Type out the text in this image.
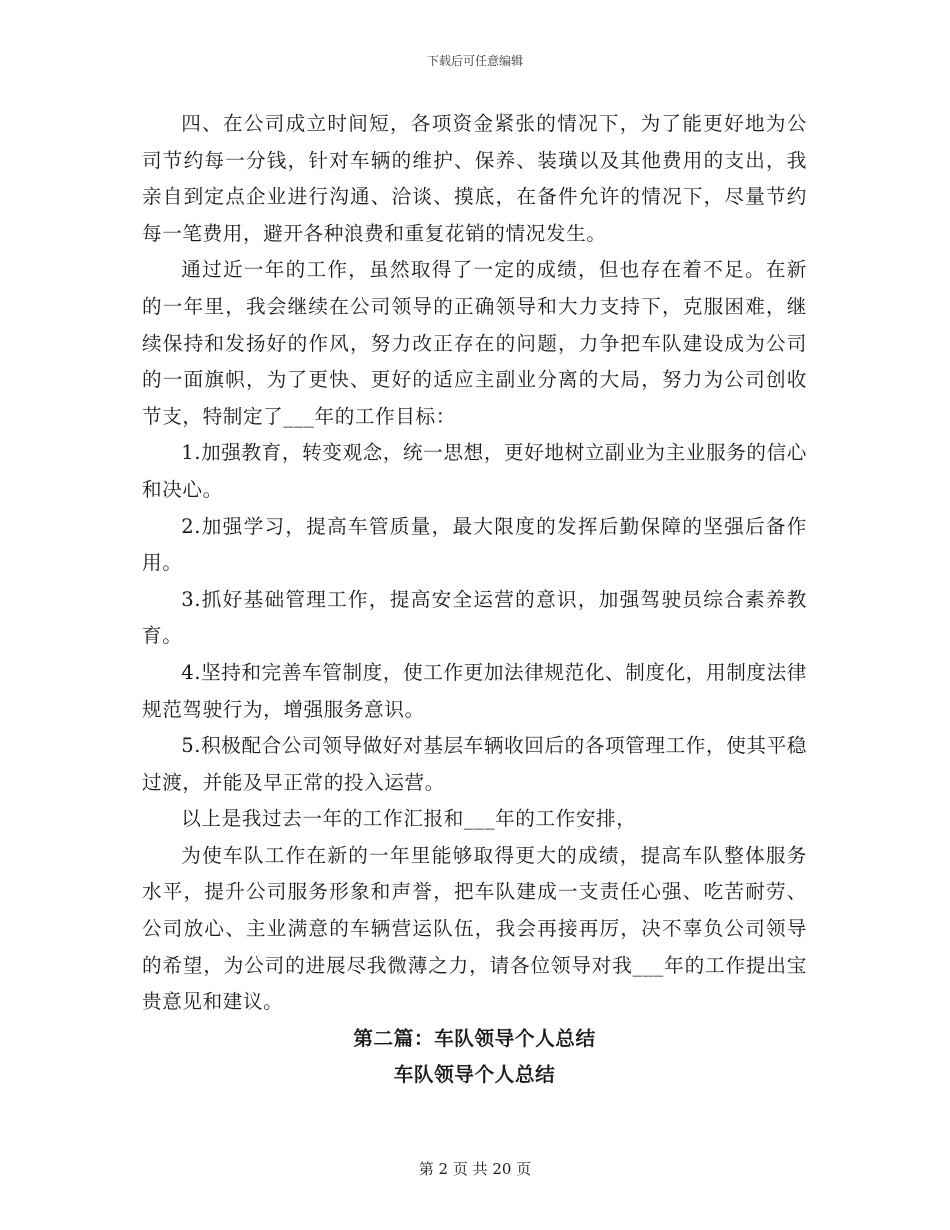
下载后可任意编辑

四、在公司成立时间短，各项资金紧张的情况下，为了能更好地为公司节约每一分钱，针对车辆的维护、保养、装璜以及其他费用的支出，我亲自到定点企业进行沟通、洽谈、摸底，在备件允许的情况下，尽量节约每一笔费用，避开各种浪费和重复花销的情况发生。

通过近一年的工作，虽然取得了一定的成绩，但也存在着不足。在新的一年里，我会继续在公司领导的正确领导和大力支持下，克服困难，继续保持和发扬好的作风，努力改正存在的问题，力争把车队建设成为公司的一面旗帜，为了更快、更好的适应主副业分离的大局，努力为公司创收节支，特制定了___年的工作目标：

1.加强教育，转变观念，统一思想，更好地树立副业为主业服务的信心和决心。

2.加强学习，提高车管质量，最大限度的发挥后勤保障的坚强后备作用。

3.抓好基础管理工作，提高安全运营的意识，加强驾驶员综合素养教育。

4.坚持和完善车管制度，使工作更加法律规范化、制度化，用制度法律规范驾驶行为，增强服务意识。

5.积极配合公司领导做好对基层车辆收回后的各项管理工作，使其平稳过渡，并能及早正常的投入运营。

以上是我过去一年的工作汇报和___年的工作安排，

为使车队工作在新的一年里能够取得更大的成绩，提高车队整体服务水平，提升公司服务形象和声誉，把车队建成一支责任心强、吃苦耐劳、公司放心、主业满意的车辆营运队伍，我会再接再厉，决不辜负公司领导的希望，为公司的进展尽我微薄之力，请各位领导对我___年的工作提出宝贵意见和建议。

第二篇：车队领导个人总结

车队领导个人总结

第 2 页 共 20 页
